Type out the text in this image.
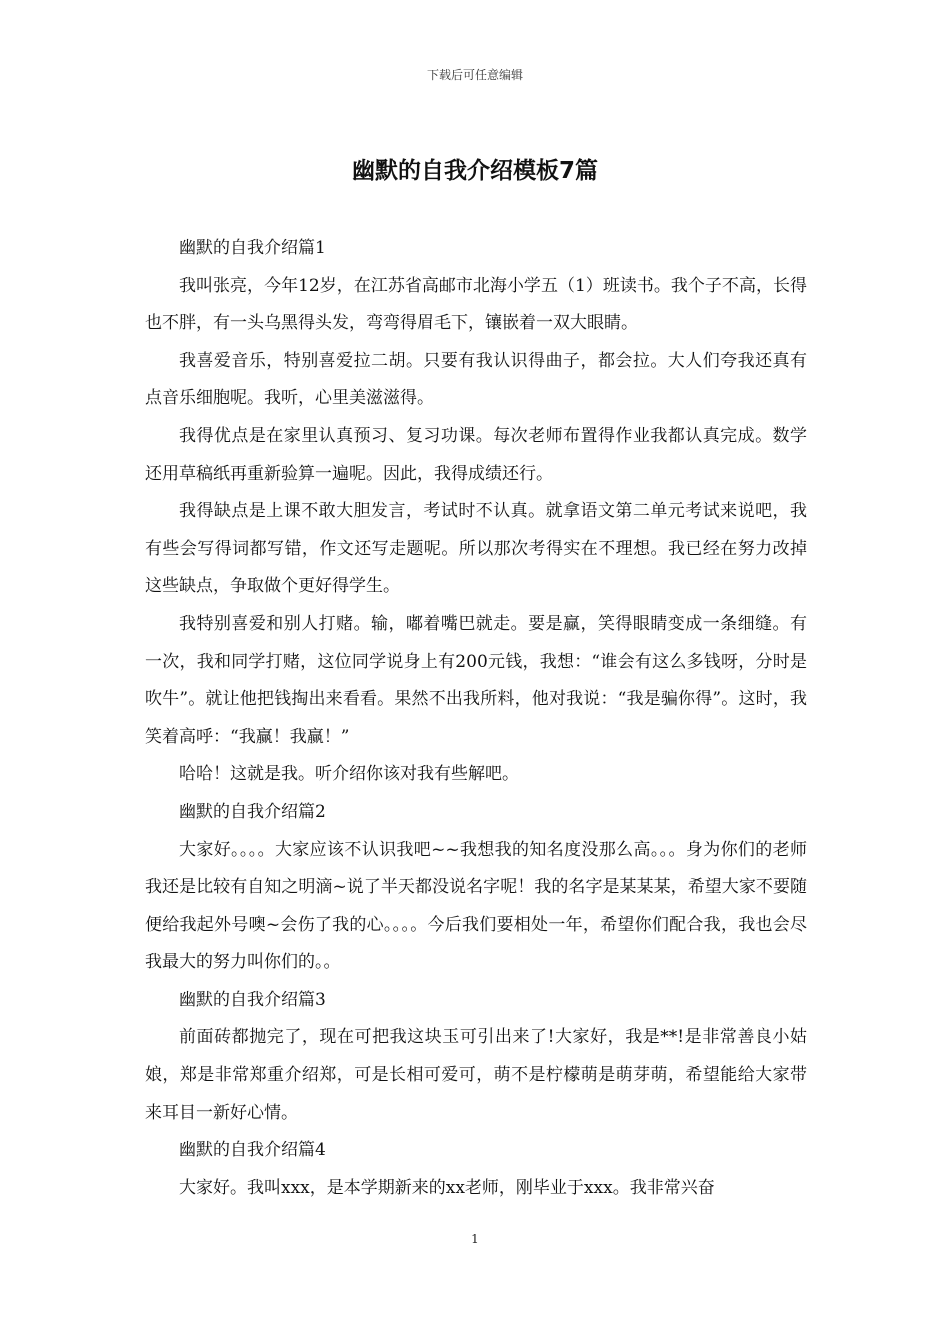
下载后可任意编辑
幽默的自我介绍模板7篇

幽默的自我介绍篇1

我叫张亮，今年12岁，在江苏省高邮市北海小学五（1）班读书。我个子不高，长得也不胖，有一头乌黑得头发，弯弯得眉毛下，镶嵌着一双大眼睛。

我喜爱音乐，特别喜爱拉二胡。只要有我认识得曲子，都会拉。大人们夸我还真有点音乐细胞呢。我听，心里美滋滋得。

我得优点是在家里认真预习、复习功课。每次老师布置得作业我都认真完成。数学还用草稿纸再重新验算一遍呢。因此，我得成绩还行。

我得缺点是上课不敢大胆发言，考试时不认真。就拿语文第二单元考试来说吧，我有些会写得词都写错，作文还写走题呢。所以那次考得实在不理想。我已经在努力改掉这些缺点，争取做个更好得学生。

我特别喜爱和别人打赌。输，嘟着嘴巴就走。要是赢，笑得眼睛变成一条细缝。有一次，我和同学打赌，这位同学说身上有200元钱，我想：“谁会有这么多钱呀，分时是吹牛”。就让他把钱掏出来看看。果然不出我所料，他对我说：“我是骗你得”。这时，我笑着高呼：“我赢！我赢！”

哈哈！这就是我。听介绍你该对我有些解吧。

幽默的自我介绍篇2

大家好。。。。大家应该不认识我吧~~我想我的知名度没那么高。。。身为你们的老师我还是比较有自知之明滴~说了半天都没说名字呢！我的名字是某某某，希望大家不要随便给我起外号噢~会伤了我的心。。。。今后我们要相处一年，希望你们配合我，我也会尽我最大的努力叫你们的。。

幽默的自我介绍篇3

前面砖都抛完了，现在可把我这块玉可引出来了!大家好，我是**!是非常善良小姑娘，郑是非常郑重介绍郑，可是长相可爱可，萌不是柠檬萌是萌芽萌，希望能给大家带来耳目一新好心情。

幽默的自我介绍篇4

大家好。我叫xxx，是本学期新来的xx老师，刚毕业于xxx。我非常兴奋

1
